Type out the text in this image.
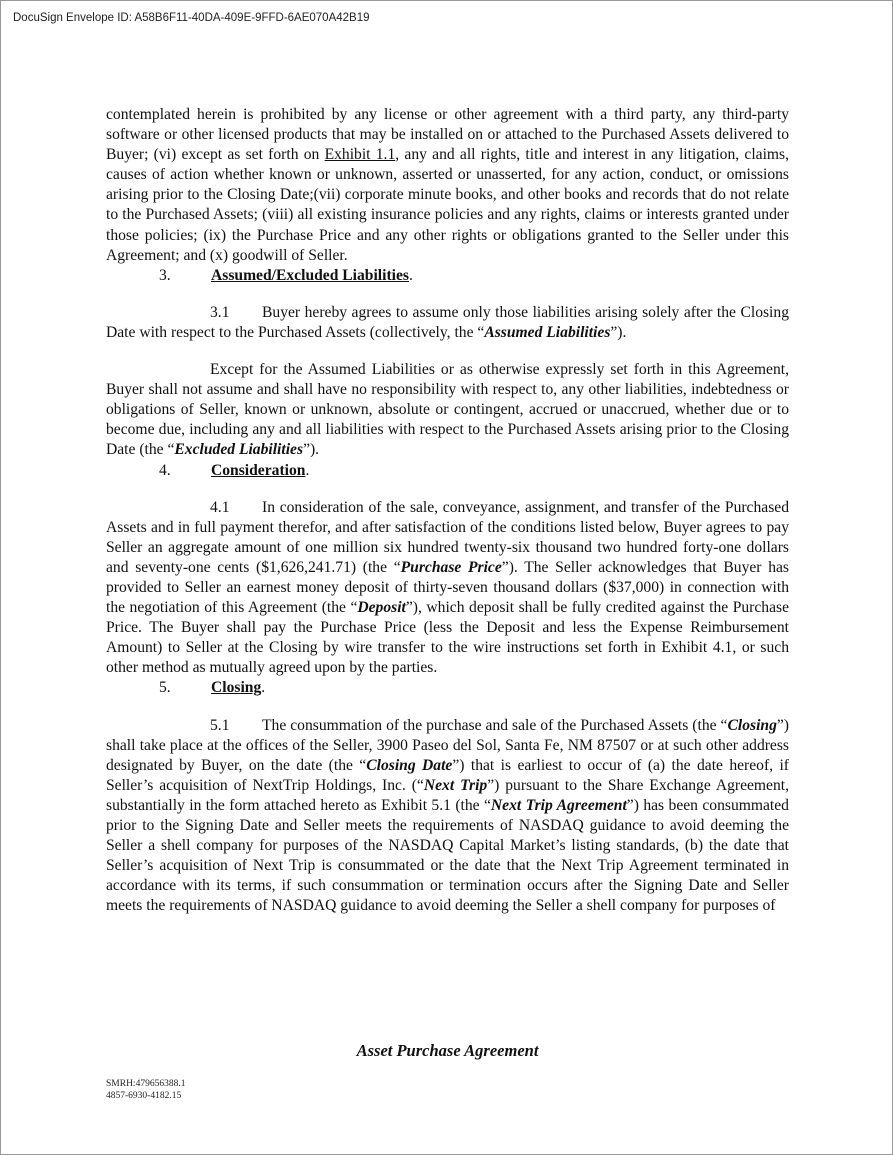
DocuSign Envelope ID: A58B6F11-40DA-409E-9FFD-6AE070A42B19

contemplated herein is prohibited by any license or other agreement with a third party, any third-party software or other licensed products that may be installed on or attached to the Purchased Assets delivered to Buyer; (vi) except as set forth on Exhibit 1.1, any and all rights, title and interest in any litigation, claims, causes of action whether known or unknown, asserted or unasserted, for any action, conduct, or omissions arising prior to the Closing Date;(vii) corporate minute books, and other books and records that do not relate to the Purchased Assets; (viii) all existing insurance policies and any rights, claims or interests granted under those policies; (ix) the Purchase Price and any other rights or obligations granted to the Seller under this Agreement; and (x) goodwill of Seller.

3.	Assumed/Excluded Liabilities.

3.1 Buyer hereby agrees to assume only those liabilities arising solely after the Closing Date with respect to the Purchased Assets (collectively, the “Assumed Liabilities”).

Except for the Assumed Liabilities or as otherwise expressly set forth in this Agreement, Buyer shall not assume and shall have no responsibility with respect to, any other liabilities, indebtedness or obligations of Seller, known or unknown, absolute or contingent, accrued or unaccrued, whether due or to become due, including any and all liabilities with respect to the Purchased Assets arising prior to the Closing Date (the “Excluded Liabilities”).

4.	Consideration.

4.1 In consideration of the sale, conveyance, assignment, and transfer of the Purchased Assets and in full payment therefor, and after satisfaction of the conditions listed below, Buyer agrees to pay Seller an aggregate amount of one million six hundred twenty-six thousand two hundred forty-one dollars and seventy-one cents ($1,626,241.71) (the “Purchase Price”). The Seller acknowledges that Buyer has provided to Seller an earnest money deposit of thirty-seven thousand dollars ($37,000) in connection with the negotiation of this Agreement (the “Deposit”), which deposit shall be fully credited against the Purchase Price. The Buyer shall pay the Purchase Price (less the Deposit and less the Expense Reimbursement Amount) to Seller at the Closing by wire transfer to the wire instructions set forth in Exhibit 4.1, or such other method as mutually agreed upon by the parties.

5.	Closing.

5.1 The consummation of the purchase and sale of the Purchased Assets (the “Closing”) shall take place at the offices of the Seller, 3900 Paseo del Sol, Santa Fe, NM 87507 or at such other address designated by Buyer, on the date (the “Closing Date”) that is earliest to occur of (a) the date hereof, if Seller’s acquisition of NextTrip Holdings, Inc. (“Next Trip”) pursuant to the Share Exchange Agreement, substantially in the form attached hereto as Exhibit 5.1 (the “Next Trip Agreement”) has been consummated prior to the Signing Date and Seller meets the requirements of NASDAQ guidance to avoid deeming the Seller a shell company for purposes of the NASDAQ Capital Market’s listing standards, (b) the date that Seller’s acquisition of Next Trip is consummated or the date that the Next Trip Agreement terminated in accordance with its terms, if such consummation or termination occurs after the Signing Date and Seller meets the requirements of NASDAQ guidance to avoid deeming the Seller a shell company for purposes of

Asset Purchase Agreement
SMRH:479656388.1
4857-6930-4182.15
